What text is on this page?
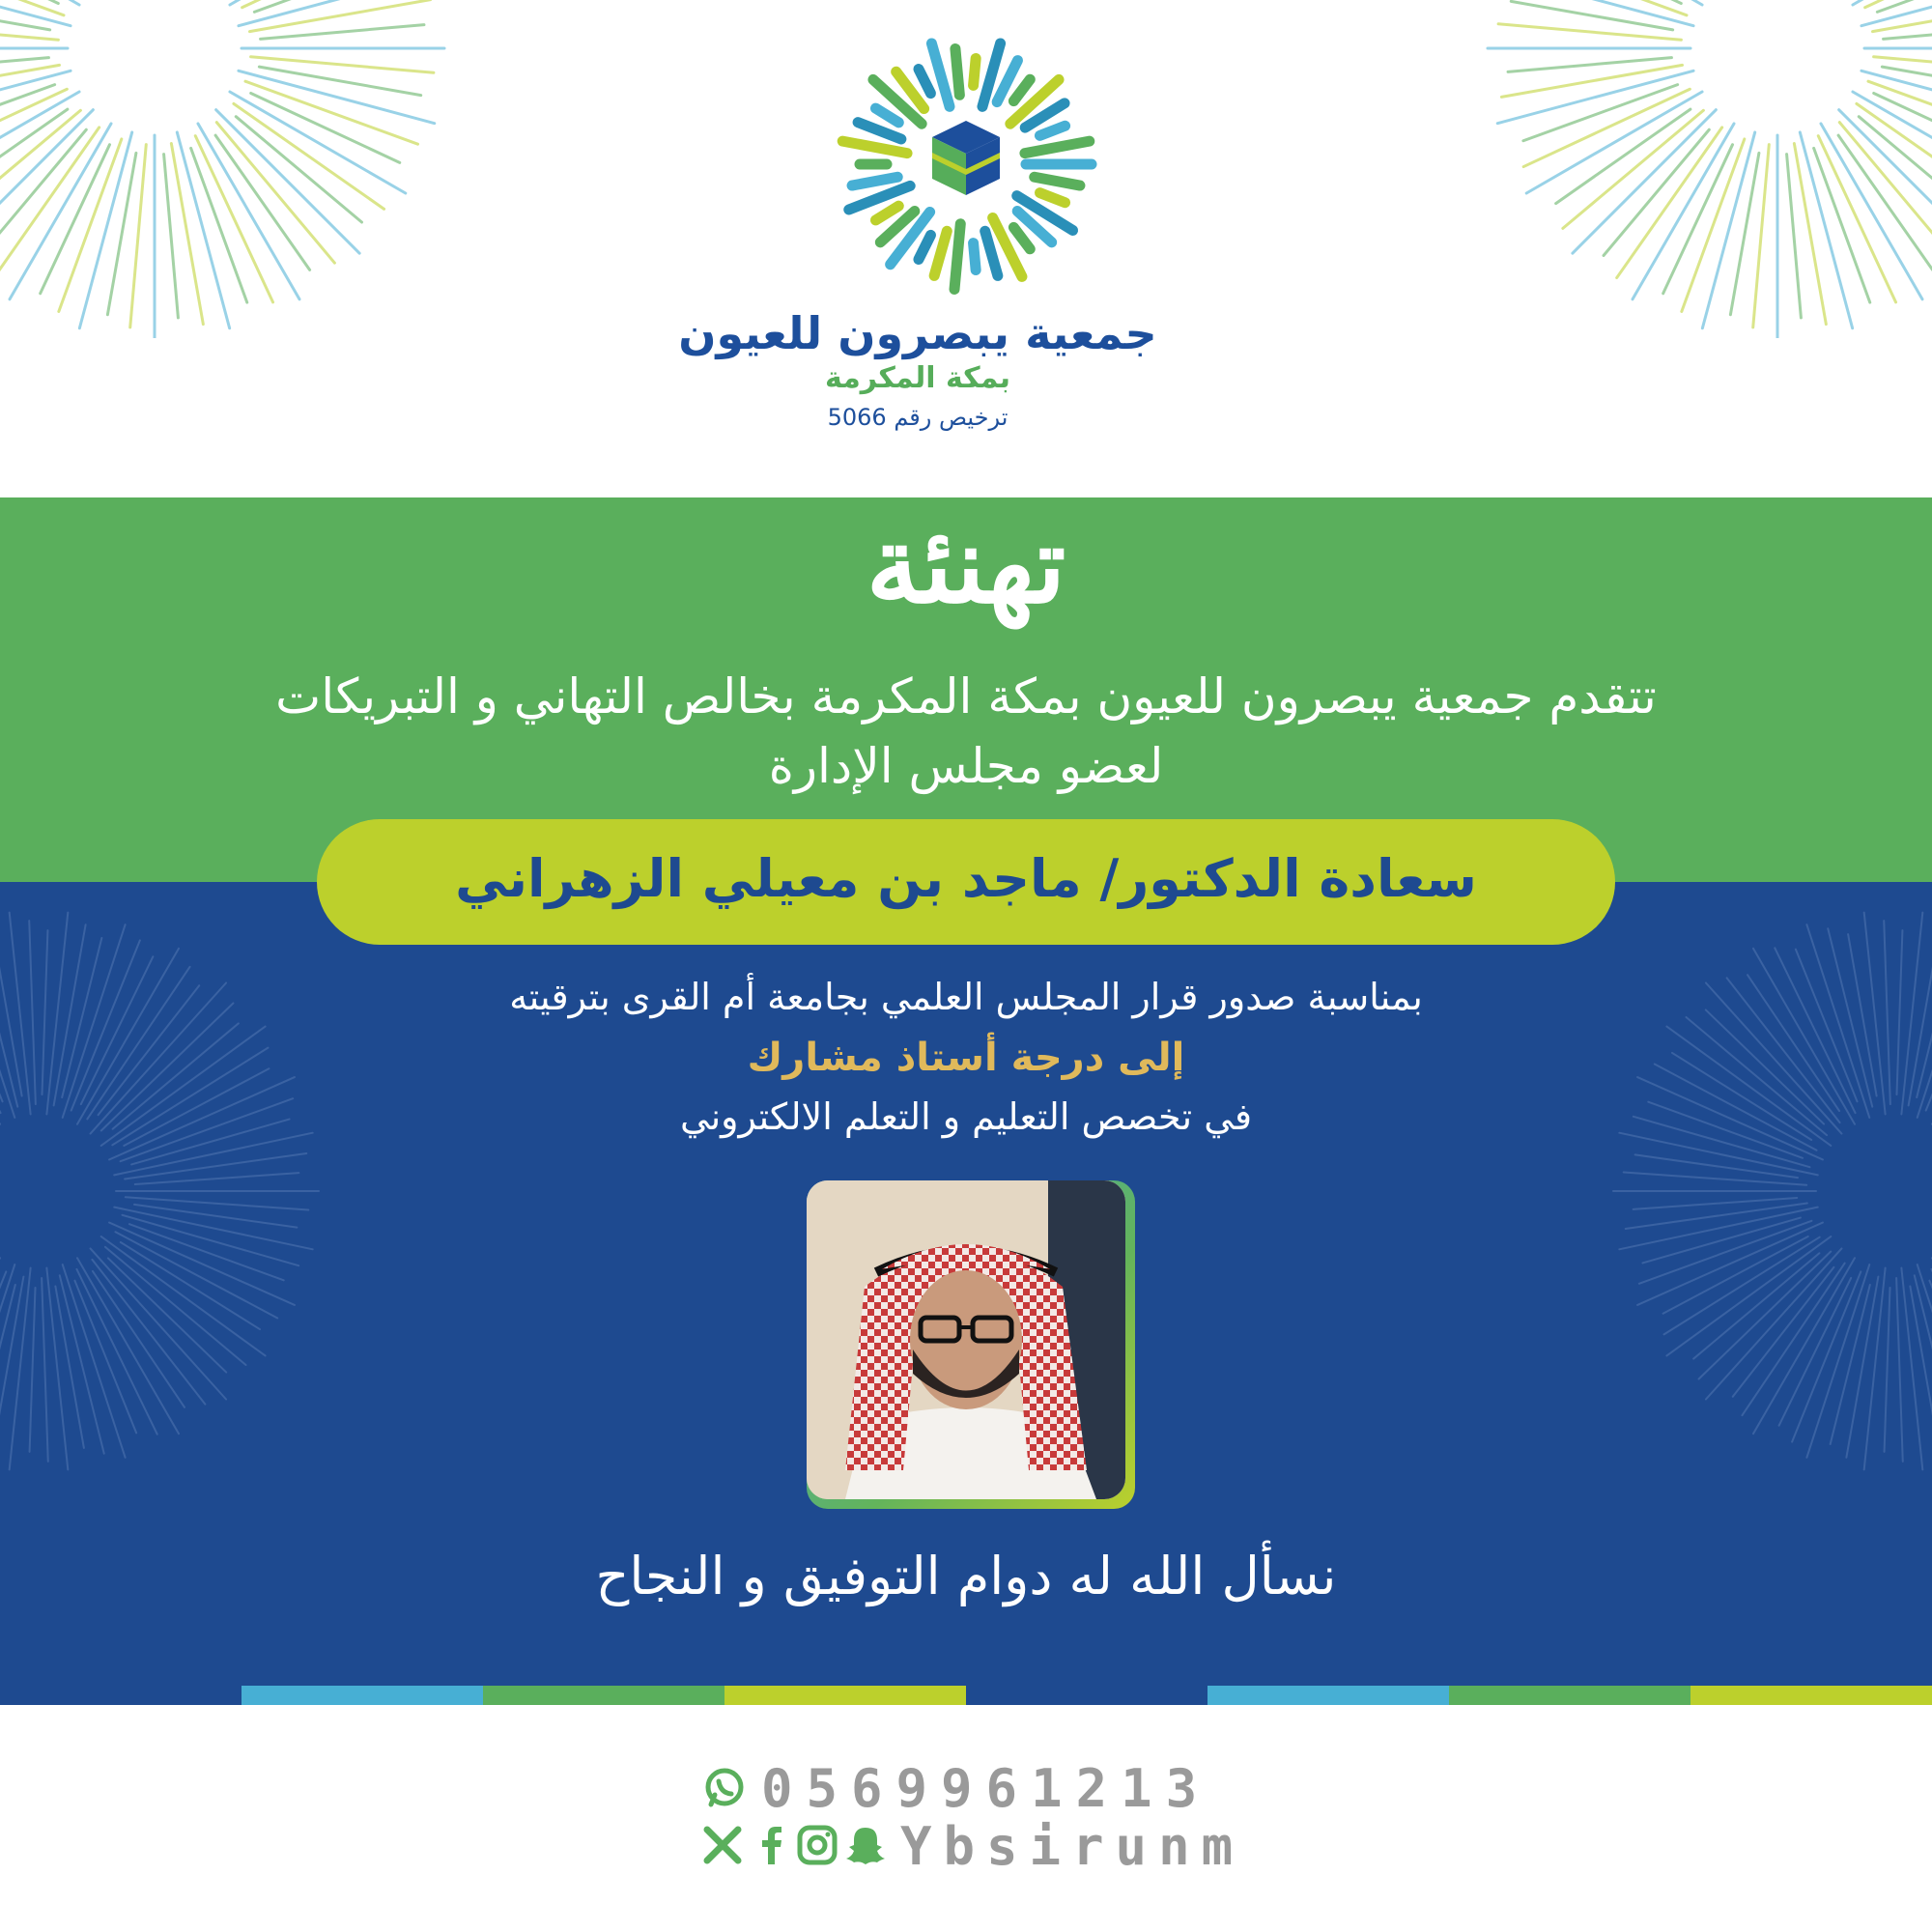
جمعية يبصرون للعيون
بمكة المكرمة
ترخيص رقم 5066
تهنئة
تتقدم جمعية يبصرون للعيون بمكة المكرمة بخالص التهاني و التبريكات
لعضو مجلس الإدارة
سعادة الدكتور/ ماجد بن معيلي الزهراني
بمناسبة صدور قرار المجلس العلمي بجامعة أم القرى بترقيته
إلى درجة أستاذ مشارك
في تخصص التعليم و التعلم الالكتروني
نسأل الله له دوام التوفيق و النجاح
0569961213
Ybsirunm
